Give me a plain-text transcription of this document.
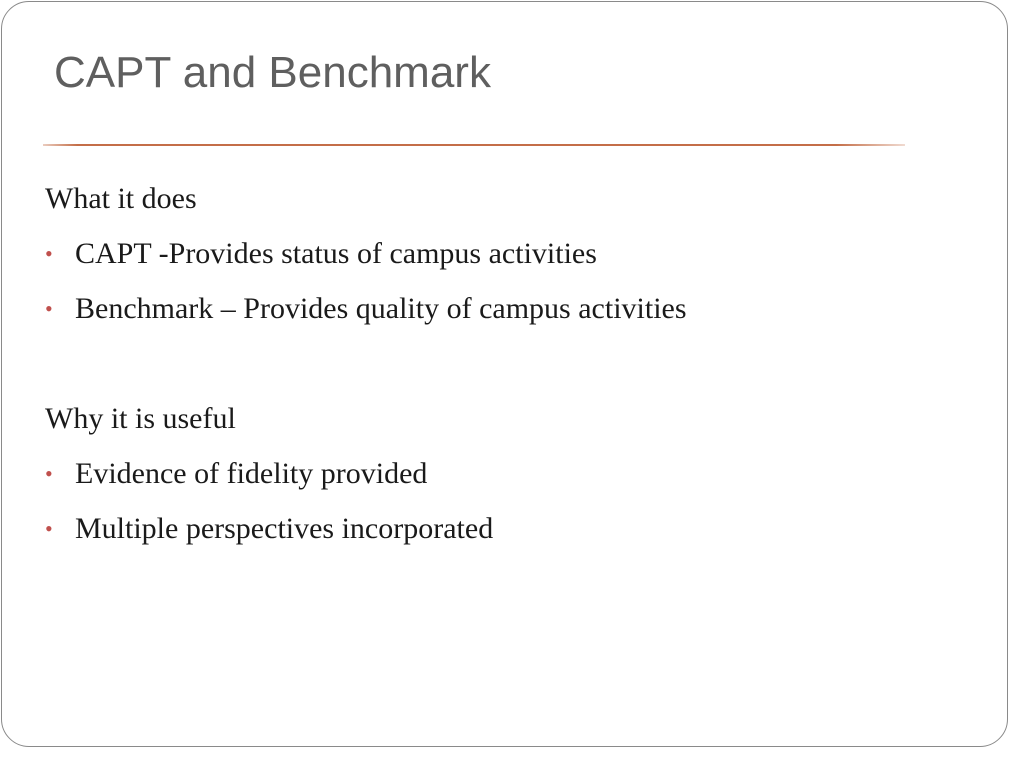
CAPT and Benchmark
What it does
• CAPT -Provides status of campus activities
• Benchmark – Provides quality of campus activities
Why it is useful
• Evidence of fidelity provided
• Multiple perspectives incorporated
